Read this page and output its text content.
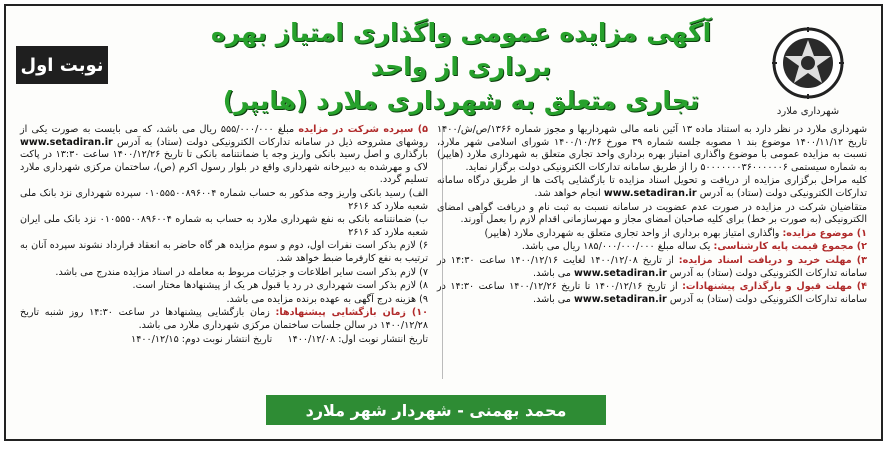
نوبت اول
آگهی مزایده عمومی واگذاری امتیاز بهره برداری از واحد
تجاری متعلق به شهرداری ملارد (هایپر)	شهرداری ملارد

شهرداری ملارد در نظر دارد به استناد ماده ۱۳ آئین نامه مالی شهرداریها و مجوز شماره ۱۳۶۶/ص/ش/۱۴۰۰ تاریخ ۱۴۰۰/۱۱/۱۲ موضوع بند ۱ مصوبه جلسه شماره ۳۹ مورخ ۱۴۰۰/۱۰/۲۶ شورای اسلامی شهر ملارد، نسبت به مزایده عمومی با موضوع واگذاری امتیاز بهره برداری واحد تجاری متعلق به شهرداری ملارد (هایپر) به شماره سیستمی ۵۰۰۰۰۰۰۰۳۶۰۰۰۰۰۰۶ را از طریق سامانه تدارکات الکترونیکی دولت برگزار نماید.

کلیه مراحل برگزاری مزایده از دریافت و تحویل اسناد مزایده تا بازگشایی پاکت ها از طریق درگاه سامانه تدارکات الکترونیکی دولت (ستاد) به آدرس www.setadiran.ir انجام خواهد شد.

متقاضیان شرکت در مزایده در صورت عدم عضویت در سامانه نسبت به ثبت نام و دریافت گواهی امضای الکترونیکی (به صورت بر خط) برای کلیه صاحبان امضای مجاز و مهرسازمانی اقدام لازم را بعمل آورند.

۱) موضوع مزایده: واگذاری امتیاز بهره برداری از واحد تجاری متعلق به شهرداری ملارد (هایپر)

۲) مجموع قیمت پایه کارشناسی: یک ساله مبلغ ۱۸۵/۰۰۰/۰۰۰/۰۰۰ ریال می باشد.

۳) مهلت خرید و دریافت اسناد مزایده: از تاریخ ۱۴۰۰/۱۲/۰۸ لغایت ۱۴۰۰/۱۲/۱۶ ساعت ۱۴:۳۰ در سامانه تدارکات الکترونیکی دولت (ستاد) به آدرس www.setadiran.ir می باشد.

۴) مهلت قبول و بارگذاری پیشنهادات: از تاریخ ۱۴۰۰/۱۲/۱۶ تا تاریخ ۱۴۰۰/۱۲/۲۶ ساعت ۱۴:۳۰ در سامانه تدارکات الکترونیکی دولت (ستاد) به آدرس www.setadiran.ir می باشد.

۵) سپرده شرکت در مزایده مبلغ ۵۵۵/۰۰۰/۰۰۰ ریال می باشد، که می بایست به صورت یکی از روشهای مشروحه ذیل در سامانه تدارکات الکترونیکی دولت (ستاد) به آدرس www.setadiran.ir بارگذاری و اصل رسید بانکی واریز وجه یا ضمانتنامه بانکی تا تاریخ ۱۴۰۰/۱۲/۲۶ ساعت ۱۳:۳۰ در پاکت لاک و مهرشده به دبیرخانه شهرداری واقع در بلوار رسول اکرم (ص)، ساختمان مرکزی شهرداری ملارد تسلیم گردد.

الف) رسید بانکی واریز وجه مذکور به حساب شماره ۰۱۰۵۵۵۰۰۸۹۶۰۰۴ سپرده شهرداری نزد بانک ملی شعبه ملارد کد ۲۶۱۶

ب) ضمانتنامه بانکی به نفع شهرداری ملارد به حساب به شماره ۰۱۰۵۵۵۰۰۸۹۶۰۰۴ نزد بانک ملی ایران شعبه ملارد کد ۲۶۱۶

۶) لازم بذکر است نفرات اول، دوم و سوم مزایده هر گاه حاضر به انعقاد قرارداد نشوند سپرده آنان به ترتیب به نفع کارفرما ضبط خواهد شد.

۷) لازم بذکر است سایر اطلاعات و جزئیات مربوط به معامله در اسناد مزایده مندرج می باشد.

۸) لازم بذکر است شهرداری در رد یا قبول هر یک از پیشنهادها مختار است.

۹) هزینه درج آگهی به عهده برنده مزایده می باشد.

۱۰) زمان بازگشایی پیشنهادها: زمان بازگشایی پیشنهادها در ساعت ۱۴:۳۰ روز شنبه تاریخ ۱۴۰۰/۱۲/۲۸ در سالن جلسات ساختمان مرکزی شهرداری ملارد می باشد.

تاریخ انتشار نوبت اول: ۱۴۰۰/۱۲/۰۸     تاریخ انتشار نوبت دوم: ۱۴۰۰/۱۲/۱۵

محمد بهمنی - شهردار شهر ملارد
